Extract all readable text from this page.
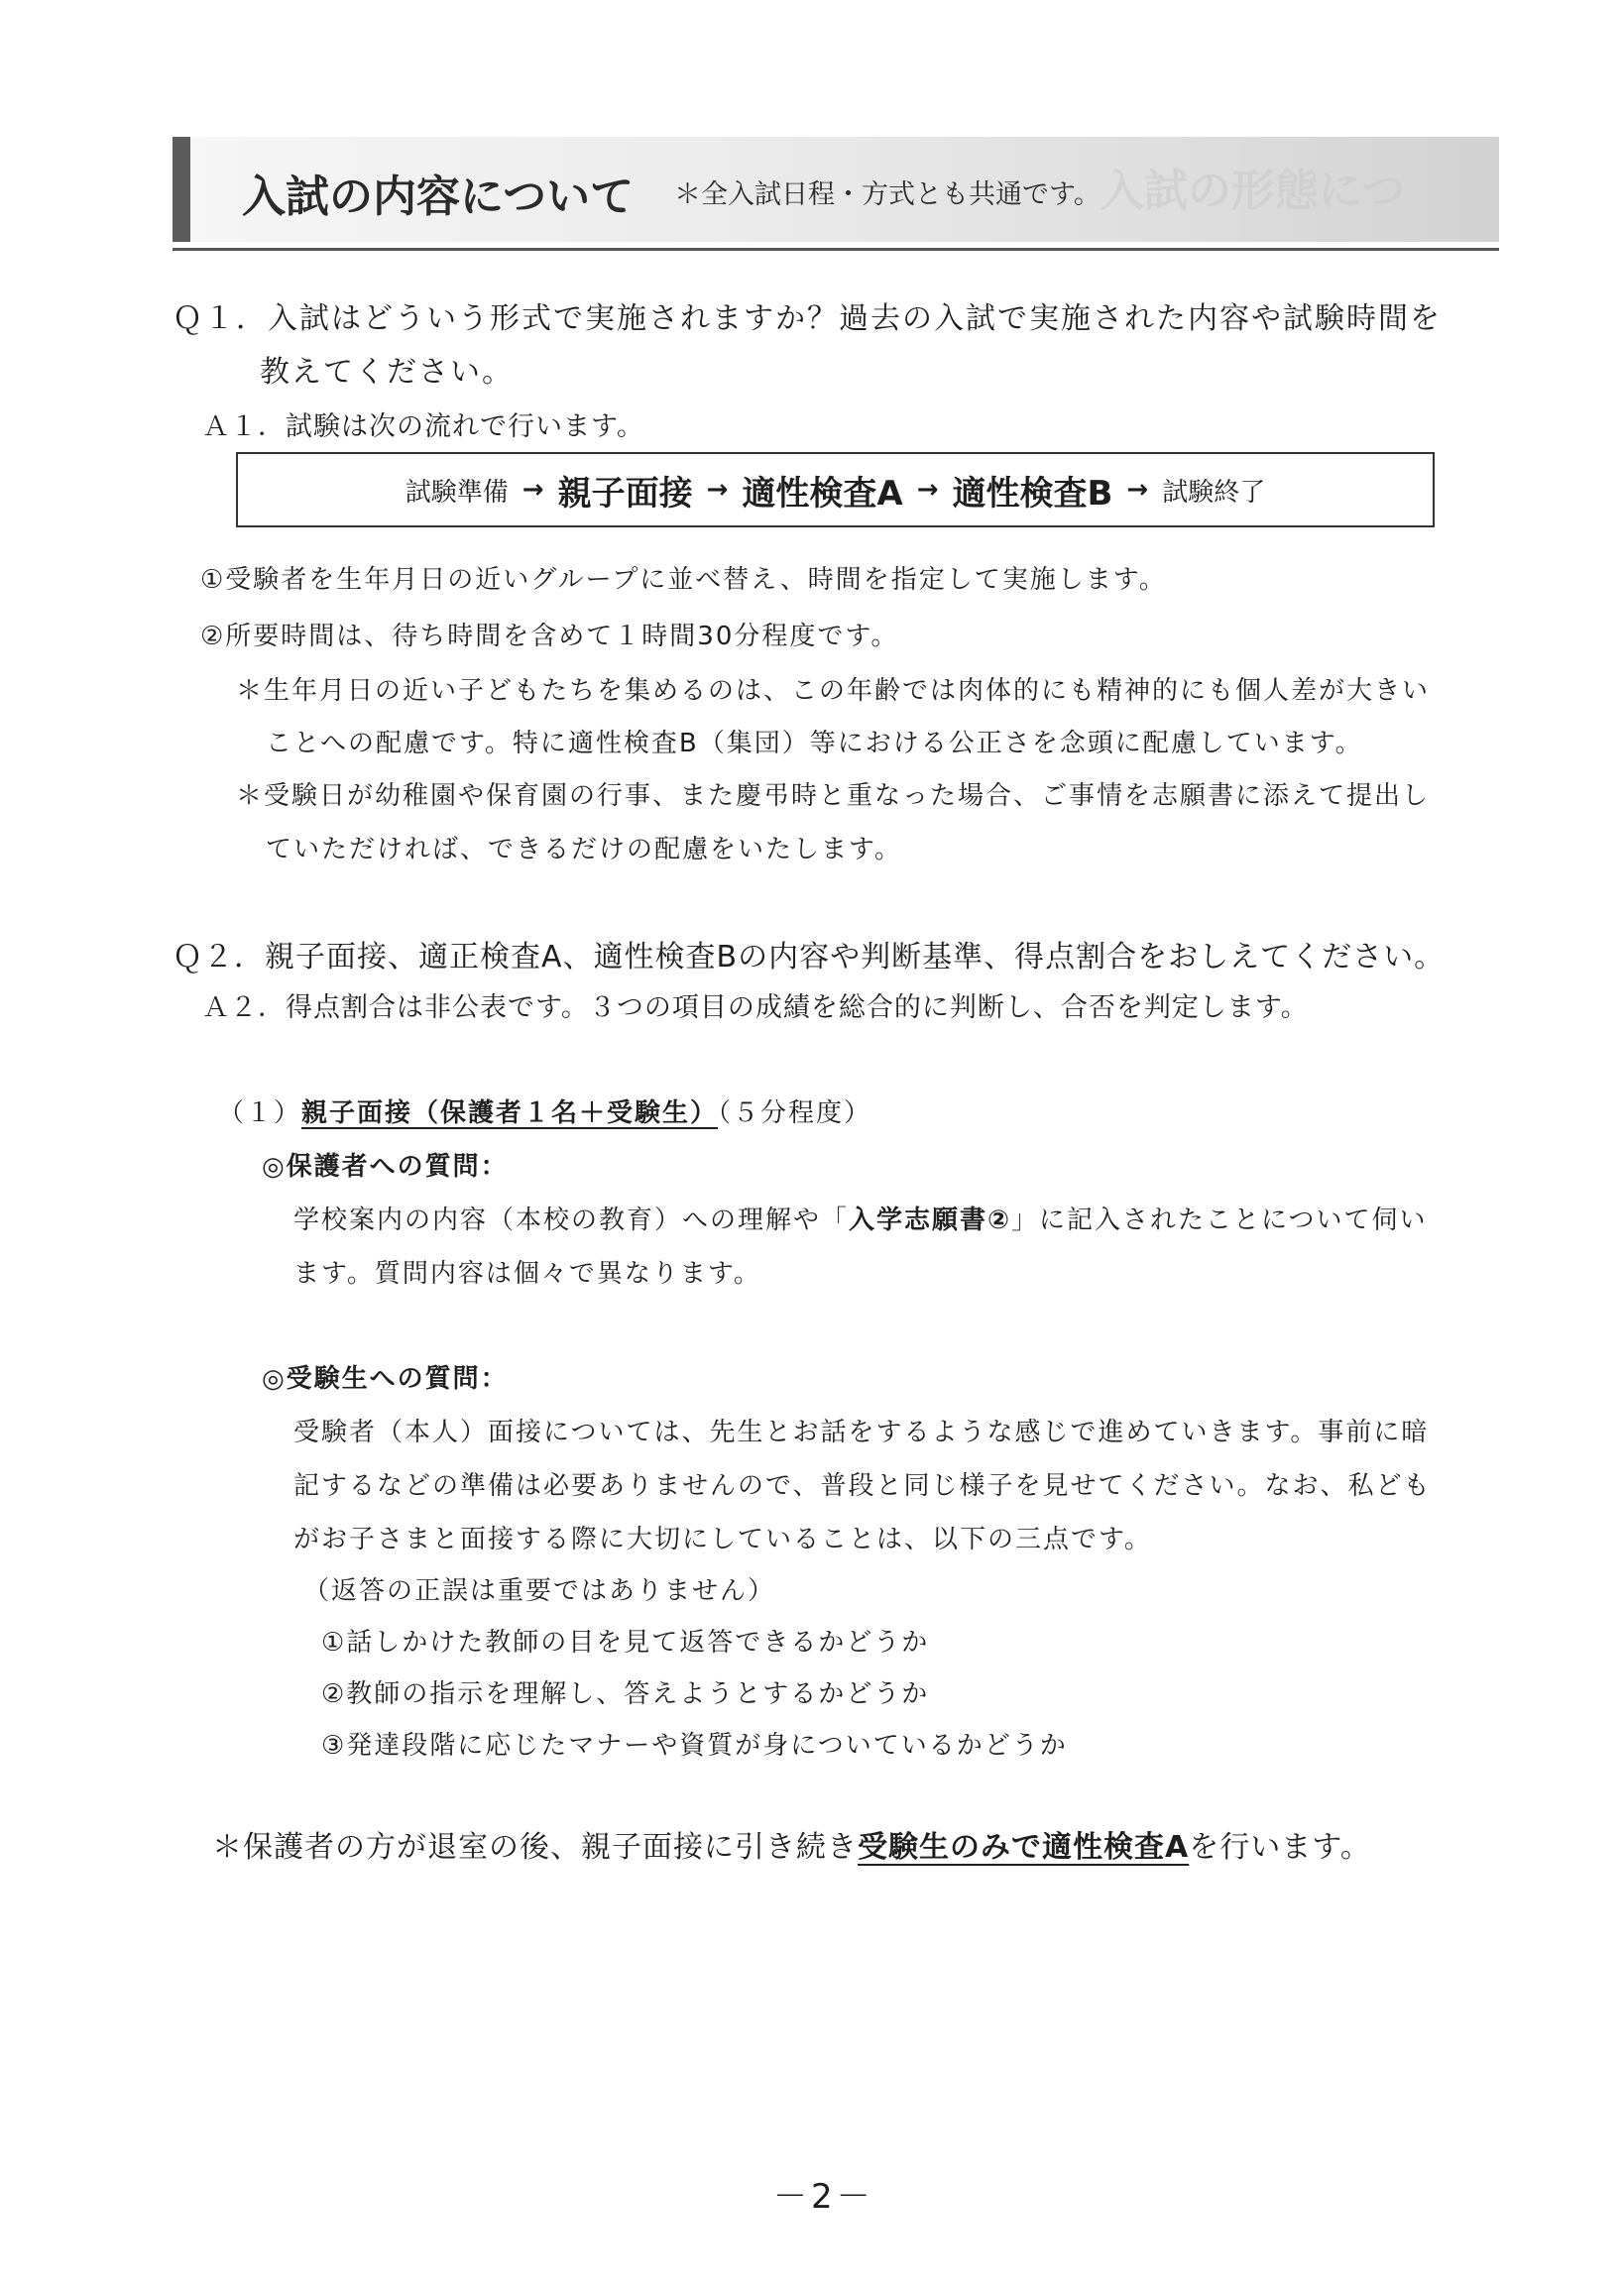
入試の形態につ
入試の内容について ＊全入試日程・方式とも共通です。
Ｑ１．入試はどういう形式で実施されますか？過去の入試で実施された内容や試験時間を
教えてください。
Ａ１．試験は次の流れで行います。
試験準備 → 親子面接 → 適性検査A → 適性検査B → 試験終了
①受験者を生年月日の近いグループに並べ替え、時間を指定して実施します。
②所要時間は、待ち時間を含めて１時間30分程度です。
＊生年月日の近い子どもたちを集めるのは、この年齢では肉体的にも精神的にも個人差が大きい
ことへの配慮です。特に適性検査B（集団）等における公正さを念頭に配慮しています。
＊受験日が幼稚園や保育園の行事、また慶弔時と重なった場合、ご事情を志願書に添えて提出し
ていただければ、できるだけの配慮をいたします。
Ｑ２．親子面接、適正検査A、適性検査Bの内容や判断基準、得点割合をおしえてください。
Ａ２．得点割合は非公表です。３つの項目の成績を総合的に判断し、合否を判定します。
（１）親子面接（保護者１名＋受験生）（５分程度）
◎保護者への質問：
学校案内の内容（本校の教育）への理解や「入学志願書②」に記入されたことについて伺い
ます。質問内容は個々で異なります。
◎受験生への質問：
受験者（本人）面接については、先生とお話をするような感じで進めていきます。事前に暗
記するなどの準備は必要ありませんので、普段と同じ様子を見せてください。なお、私ども
がお子さまと面接する際に大切にしていることは、以下の三点です。
（返答の正誤は重要ではありません）
①話しかけた教師の目を見て返答できるかどうか
②教師の指示を理解し、答えようとするかどうか
③発達段階に応じたマナーや資質が身についているかどうか
＊保護者の方が退室の後、親子面接に引き続き受験生のみで適性検査Aを行います。
－2－
